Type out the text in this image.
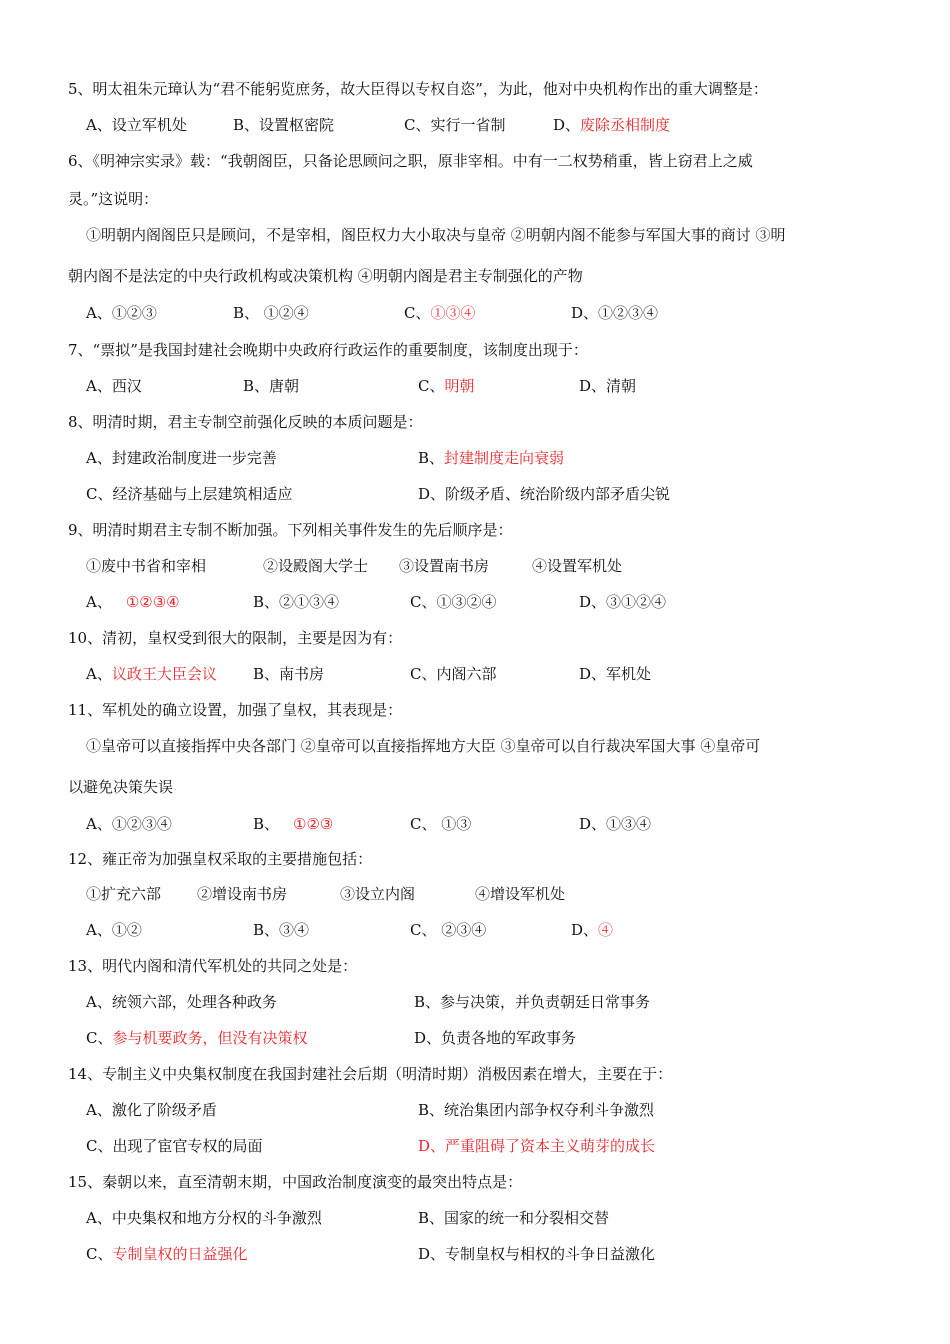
5、明太祖朱元璋认为“君不能躬览庶务，故大臣得以专权自恣”，为此，他对中央机构作出的重大调整是：
A、设立军机处	B、设置枢密院	C、实行一省制	D、废除丞相制度
6、《明神宗实录》载：“我朝阁臣，只备论思顾问之职，原非宰相。中有一二权势稍重，皆上窃君上之威
灵。”这说明：
①明朝内阁阁臣只是顾问，不是宰相，阁臣权力大小取决与皇帝 ②明朝内阁不能参与军国大事的商讨 ③明
朝内阁不是法定的中央行政机构或决策机构 ④明朝内阁是君主专制强化的产物
A、①②③	B、 ①②④	C、①③④	D、①②③④
7、“票拟”是我国封建社会晚期中央政府行政运作的重要制度，该制度出现于：
A、西汉	B、唐朝	C、明朝	D、清朝
8、明清时期，君主专制空前强化反映的本质问题是：
A、封建政治制度进一步完善	B、封建制度走向衰弱
C、经济基础与上层建筑相适应	D、阶级矛盾、统治阶级内部矛盾尖锐
9、明清时期君主专制不断加强。下列相关事件发生的先后顺序是：
①废中书省和宰相	②设殿阁大学士 ③设置南书房	④设置军机处
A、 ①②③④	B、②①③④	C、①③②④	D、③①②④
10、清初，皇权受到很大的限制，主要是因为有：
A、议政王大臣会议 B、南书房	C、内阁六部	D、军机处
11、军机处的确立设置，加强了皇权，其表现是：
①皇帝可以直接指挥中央各部门 ②皇帝可以直接指挥地方大臣 ③皇帝可以自行裁决军国大事 ④皇帝可
以避免决策失误
A、①②③④	B、 ①②③	C、 ①③	D、①③④
12、雍正帝为加强皇权采取的主要措施包括：
①扩充六部 ②增设南书房	③设立内阁	④增设军机处
A、①②	B、③④	C、 ②③④	D、④
13、明代内阁和清代军机处的共同之处是：
A、统领六部，处理各种政务	B、参与决策，并负责朝廷日常事务
C、参与机要政务，但没有决策权	D、负责各地的军政事务
14、专制主义中央集权制度在我国封建社会后期（明清时期）消极因素在增大，主要在于：
A、激化了阶级矛盾	B、统治集团内部争权夺利斗争激烈
C、出现了宦官专权的局面	D、严重阻碍了资本主义萌芽的成长
15、秦朝以来，直至清朝末期，中国政治制度演变的最突出特点是：
A、中央集权和地方分权的斗争激烈	B、国家的统一和分裂相交替
C、专制皇权的日益强化	D、专制皇权与相权的斗争日益激化
